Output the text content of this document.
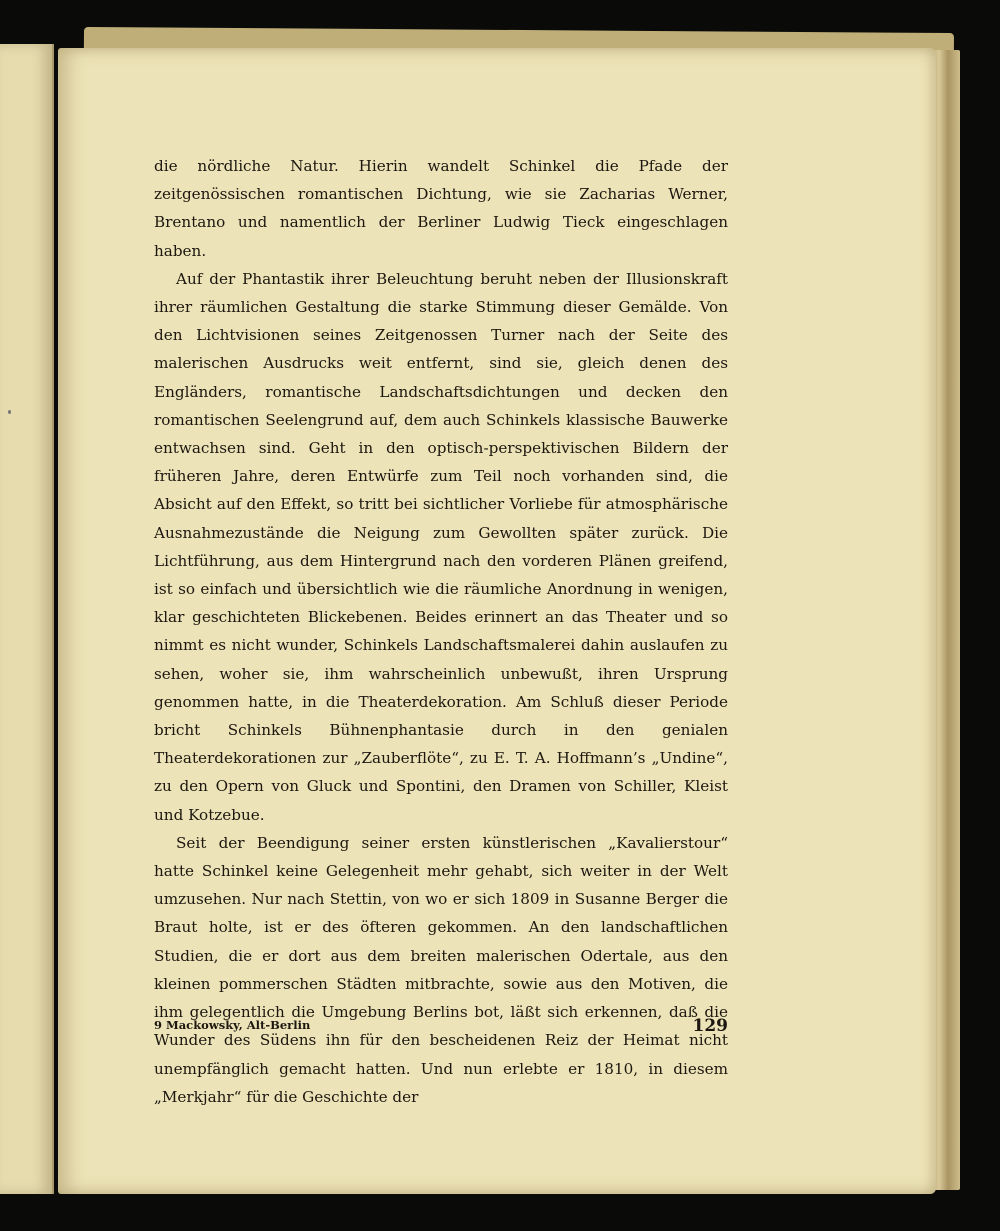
die nördliche Natur. Hierin wandelt Schinkel die Pfade der zeitgenössischen romantischen Dichtung, wie sie Zacharias Werner, Brentano und namentlich der Berliner Ludwig Tieck eingeschlagen haben.

Auf der Phantastik ihrer Beleuchtung beruht neben der Illusionskraft ihrer räumlichen Gestaltung die starke Stimmung dieser Gemälde. Von den Lichtvisionen seines Zeitgenossen Turner nach der Seite des malerischen Ausdrucks weit entfernt, sind sie, gleich denen des Engländers, romantische Landschaftsdichtungen und decken den romantischen Seelengrund auf, dem auch Schinkels klassische Bauwerke entwachsen sind. Geht in den optisch-perspektivischen Bildern der früheren Jahre, deren Entwürfe zum Teil noch vorhanden sind, die Absicht auf den Effekt, so tritt bei sichtlicher Vorliebe für atmosphärische Ausnahmezustände die Neigung zum Gewollten später zurück. Die Lichtführung, aus dem Hintergrund nach den vorderen Plänen greifend, ist so einfach und übersichtlich wie die räumliche Anordnung in wenigen, klar geschichteten Blickebenen. Beides erinnert an das Theater und so nimmt es nicht wunder, Schinkels Landschaftsmalerei dahin auslaufen zu sehen, woher sie, ihm wahrscheinlich unbewußt, ihren Ursprung genommen hatte, in die Theaterdekoration. Am Schluß dieser Periode bricht Schinkels Bühnenphantasie durch in den genialen Theaterdekorationen zur „Zauberflöte“, zu E. T. A. Hoffmann’s „Undine“, zu den Opern von Gluck und Spontini, den Dramen von Schiller, Kleist und Kotzebue.

Seit der Beendigung seiner ersten künstlerischen „Kavalierstour“ hatte Schinkel keine Gelegenheit mehr gehabt, sich weiter in der Welt umzusehen. Nur nach Stettin, von wo er sich 1809 in Susanne Berger die Braut holte, ist er des öfteren gekommen. An den landschaftlichen Studien, die er dort aus dem breiten malerischen Odertale, aus den kleinen pommerschen Städten mitbrachte, sowie aus den Motiven, die ihm gelegentlich die Umgebung Berlins bot, läßt sich erkennen, daß die Wunder des Südens ihn für den bescheidenen Reiz der Heimat nicht unempfänglich gemacht hatten. Und nun erlebte er 1810, in diesem „Merkjahr“ für die Geschichte der

9 Mackowsky, Alt-Berlin	129
